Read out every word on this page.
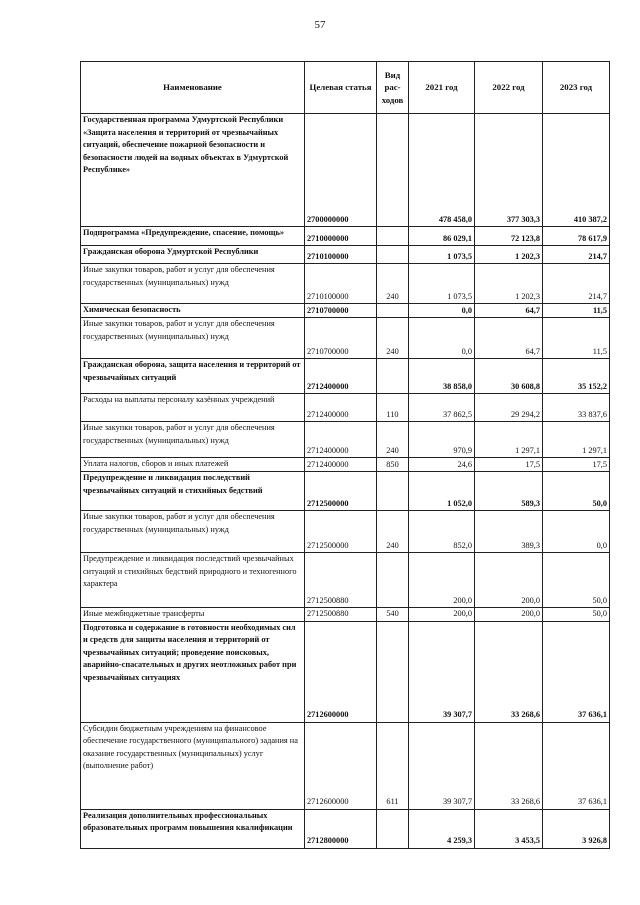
57
Наименование	Целевая статья	Вид рас-ходов	2021 год	2022 год	2023 год
Государственная программа Удмуртской Республики «Защита населения и территорий от чрезвычайных ситуаций, обеспечение пожарной безопасности и безопасности людей на водных объектах в Удмуртской Республике»	2700000000		478 458,0	377 303,3	410 387,2
Подпрограмма «Предупреждение, спасение, помощь»	2710000000		86 029,1	72 123,8	78 617,9
Гражданская оборона Удмуртской Республики	2710100000		1 073,5	1 202,3	214,7
Иные закупки товаров, работ и услуг для обеспечения государственных (муниципальных) нужд	2710100000	240	1 073,5	1 202,3	214,7
Химическая безопасность	2710700000		0,0	64,7	11,5
Иные закупки товаров, работ и услуг для обеспечения государственных (муниципальных) нужд	2710700000	240	0,0	64,7	11,5
Гражданская оборона, защита населения и территорий от чрезвычайных ситуаций	2712400000		38 858,0	30 608,8	35 152,2
Расходы на выплаты персоналу казённых учреждений	2712400000	110	37 862,5	29 294,2	33 837,6
Иные закупки товаров, работ и услуг для обеспечения государственных (муниципальных) нужд	2712400000	240	970,9	1 297,1	1 297,1
Уплата налогов, сборов и иных платежей	2712400000	850	24,6	17,5	17,5
Предупреждение и ликвидация последствий чрезвычайных ситуаций и стихийных бедствий	2712500000		1 052,0	589,3	50,0
Иные закупки товаров, работ и услуг для обеспечения государственных (муниципальных) нужд	2712500000	240	852,0	389,3	0,0
Предупреждение и ликвидация последствий чрезвычайных ситуаций и стихийных бедствий природного и техногенного характера	2712500880		200,0	200,0	50,0
Иные межбюджетные трансферты	2712500880	540	200,0	200,0	50,0
Подготовка и содержание в готовности необходимых сил и средств для защиты населения и территорий от чрезвычайных ситуаций; проведение поисковых, аварийно-спасательных и других неотложных работ при чрезвычайных ситуациях	2712600000		39 307,7	33 268,6	37 636,1
Субсидии бюджетным учреждениям на финансовое обеспечение государственного (муниципального) задания на оказание государственных (муниципальных) услуг (выполнение работ)	2712600000	611	39 307,7	33 268,6	37 636,1
Реализация дополнительных профессиональных образовательных программ повышения квалификации	2712800000		4 259,3	3 453,5	3 926,8
